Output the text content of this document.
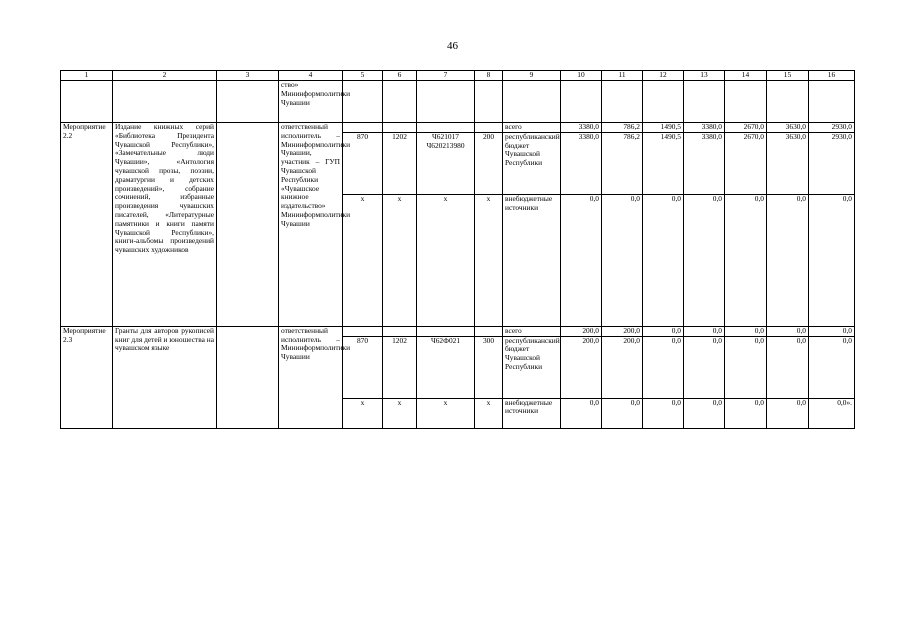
46
1	2	3	4	5	6	7	8	9	10	11	12	13	14	15	16
			ство» Мининформполитики Чувашии												
Мероприятие 2.2	Издание книжных серий «Библиотека Президента Чувашской Республики», «Замечательные люди Чувашии», «Антология чувашской прозы, поэзии, драматургии и детских произведений», собрание сочинений, избранные произведения чувашских писателей, «Литературные памятники и книги памяти Чувашской Республики», книги-альбомы произведений чувашских художников		ответственный исполнитель – Мининформполитики Чувашии, участник – ГУП Чувашской Республики «Чувашское книжное издательство» Мининформполитики Чувашии					всего	3380,0	786,2	1490,5	3380,0	2670,0	3630,0	2930,0
				870	1202	Ч621017 Ч620213980	200	республиканский бюджет Чувашской Республики	3380,0	786,2	1490,5	3380,0	2670,0	3630,0	2930,0
				x	x	x	x	внебюджетные источники	0,0	0,0	0,0	0,0	0,0	0,0	0,0
Мероприятие 2.3	Гранты для авторов рукописей книг для детей и юношества на чувашском языке		ответственный исполнитель – Мининформполитики Чувашии					всего	200,0	200,0	0,0	0,0	0,0	0,0	0,0
				870	1202	Ч62Ф021	300	республиканский бюджет Чувашской Республики	200,0	200,0	0,0	0,0	0,0	0,0	0,0
				x	x	x	x	внебюджетные источники	0,0	0,0	0,0	0,0	0,0	0,0	0,0».
